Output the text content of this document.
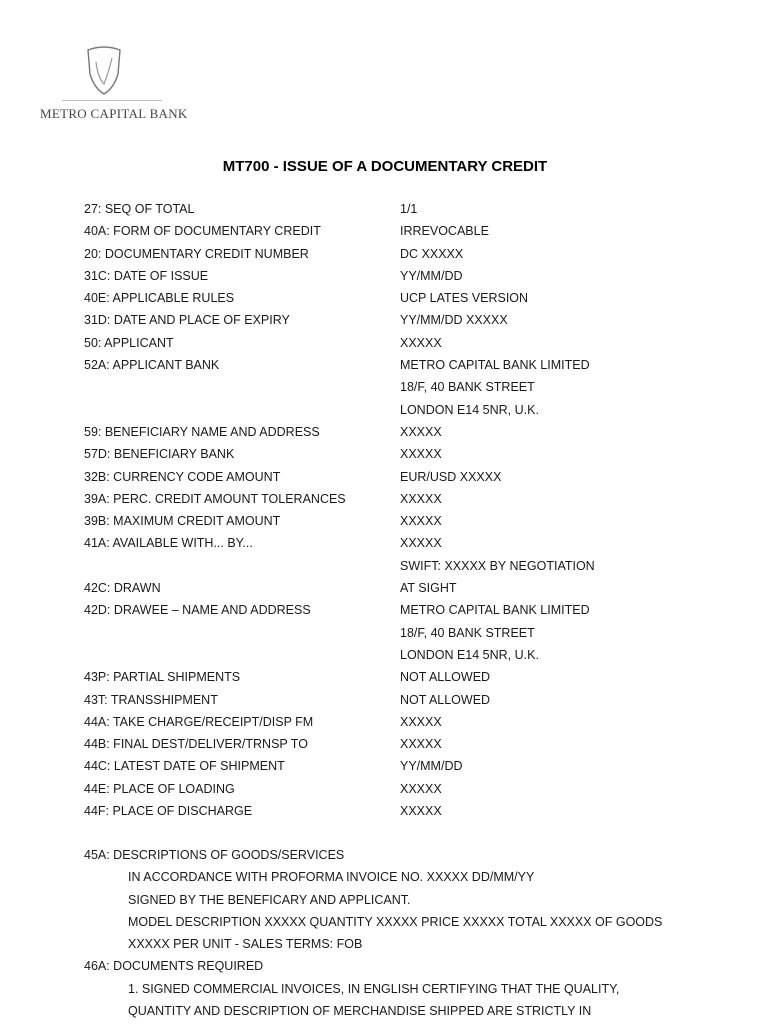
METRO CAPITAL BANK
MT700 - ISSUE OF A DOCUMENTARY CREDIT
27: SEQ OF TOTAL	1/1
40A: FORM OF DOCUMENTARY CREDIT	IRREVOCABLE
20: DOCUMENTARY CREDIT NUMBER	DC XXXXX
31C: DATE OF ISSUE	YY/MM/DD
40E: APPLICABLE RULES	UCP LATES VERSION
31D: DATE AND PLACE OF EXPIRY	YY/MM/DD XXXXX
50: APPLICANT	XXXXX
52A: APPLICANT BANK	METRO CAPITAL BANK LIMITED
18/F, 40 BANK STREET
LONDON E14 5NR, U.K.
59: BENEFICIARY NAME AND ADDRESS	XXXXX
57D: BENEFICIARY BANK	XXXXX
32B: CURRENCY CODE AMOUNT	EUR/USD XXXXX
39A: PERC. CREDIT AMOUNT TOLERANCES	XXXXX
39B: MAXIMUM CREDIT AMOUNT	XXXXX
41A: AVAILABLE WITH... BY...	XXXXX
SWIFT: XXXXX BY NEGOTIATION
42C: DRAWN	AT SIGHT
42D: DRAWEE – NAME AND ADDRESS	METRO CAPITAL BANK LIMITED
18/F, 40 BANK STREET
LONDON E14 5NR, U.K.
43P: PARTIAL SHIPMENTS	NOT ALLOWED
43T: TRANSSHIPMENT	NOT ALLOWED
44A: TAKE CHARGE/RECEIPT/DISP FM	XXXXX
44B: FINAL DEST/DELIVER/TRNSP TO	XXXXX
44C: LATEST DATE OF SHIPMENT	YY/MM/DD
44E: PLACE OF LOADING	XXXXX
44F: PLACE OF DISCHARGE	XXXXX
45A: DESCRIPTIONS OF GOODS/SERVICES
IN ACCORDANCE WITH PROFORMA INVOICE NO. XXXXX DD/MM/YY
SIGNED BY THE BENEFICARY AND APPLICANT.
MODEL DESCRIPTION XXXXX QUANTITY XXXXX PRICE XXXXX TOTAL XXXXX OF GOODS
XXXXX PER UNIT - SALES TERMS: FOB
46A: DOCUMENTS REQUIRED
1. SIGNED COMMERCIAL INVOICES, IN ENGLISH CERTIFYING THAT THE QUALITY,
QUANTITY AND DESCRIPTION OF MERCHANDISE SHIPPED ARE STRICTLY IN
